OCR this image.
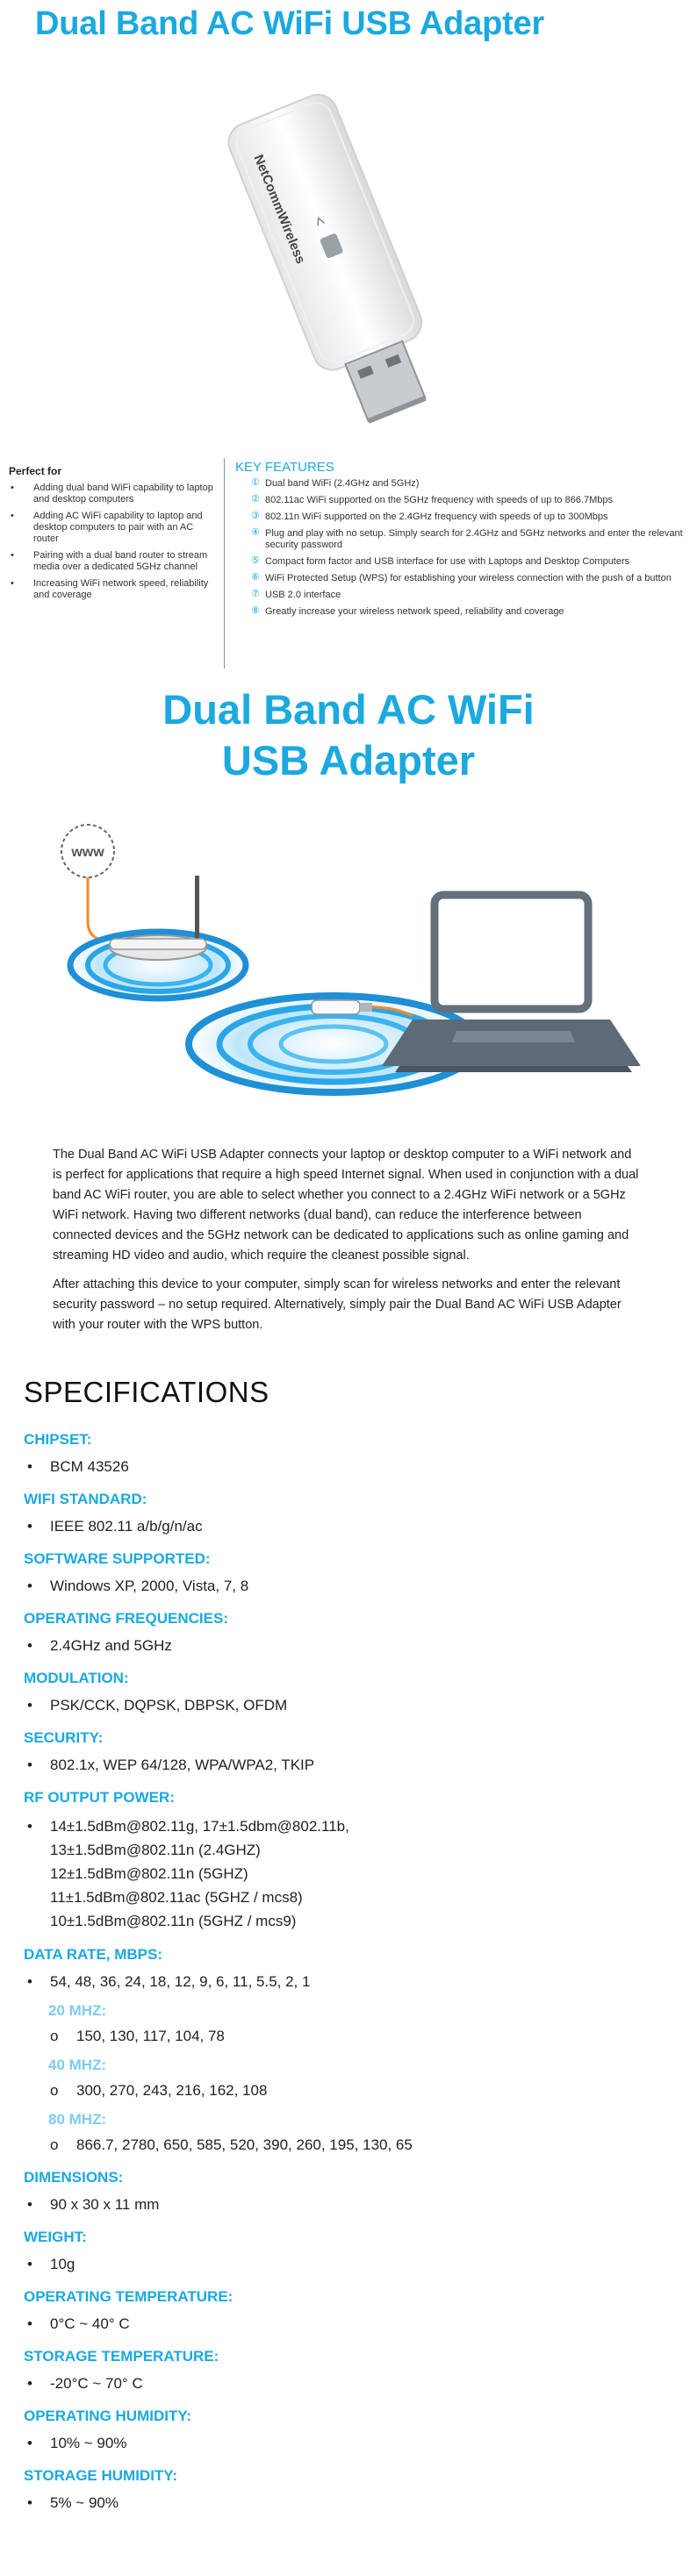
Dual Band AC WiFi USB Adapter
NetCommWireless
Perfect for
• Adding dual band WiFi capability to laptop and desktop computers
• Adding AC WiFi capability to laptop and desktop computers to pair with an AC router
• Pairing with a dual band router to stream media over a dedicated 5GHz channel
• Increasing WiFi network speed, reliability and coverage
KEY FEATURES
① Dual band WiFi (2.4GHz and 5GHz)
② 802.11ac WiFi supported on the 5GHz frequency with speeds of up to 866.7Mbps
③ 802.11n WiFi supported on the 2.4GHz frequency with speeds of up to 300Mbps
④ Plug and play with no setup. Simply search for 2.4GHz and 5GHz networks and enter the relevant security password
⑤ Compact form factor and USB interface for use with Laptops and Desktop Computers
⑥ WiFi Protected Setup (WPS) for establishing your wireless connection with the push of a button
⑦ USB 2.0 interface
⑧ Greatly increase your wireless network speed, reliability and coverage
Dual Band AC WiFi
USB Adapter
www

The Dual Band AC WiFi USB Adapter connects your laptop or desktop computer to a WiFi network and is perfect for applications that require a high speed Internet signal. When used in conjunction with a dual band AC WiFi router, you are able to select whether you connect to a 2.4GHz WiFi network or a 5GHz WiFi network. Having two different networks (dual band), can reduce the interference between connected devices and the 5GHz network can be dedicated to applications such as online gaming and streaming HD video and audio, which require the cleanest possible signal.

After attaching this device to your computer, simply scan for wireless networks and enter the relevant security password – no setup required. Alternatively, simply pair the Dual Band AC WiFi USB Adapter with your router with the WPS button.

SPECIFICATIONS
CHIPSET:
• BCM 43526
WIFI STANDARD:
• IEEE 802.11 a/b/g/n/ac
SOFTWARE SUPPORTED:
• Windows XP, 2000, Vista, 7, 8
OPERATING FREQUENCIES:
• 2.4GHz and 5GHz
MODULATION:
• PSK/CCK, DQPSK, DBPSK, OFDM
SECURITY:
• 802.1x, WEP 64/128, WPA/WPA2, TKIP
RF OUTPUT POWER:
• 14±1.5dBm@802.11g, 17±1.5dbm@802.11b,
13±1.5dBm@802.11n (2.4GHZ)
12±1.5dBm@802.11n (5GHZ)
11±1.5dBm@802.11ac (5GHZ / mcs8)
10±1.5dBm@802.11n (5GHZ / mcs9)
DATA RATE, MBPS:
• 54, 48, 36, 24, 18, 12, 9, 6, 11, 5.5, 2, 1
20 MHZ:
o 150, 130, 117, 104, 78
40 MHZ:
o 300, 270, 243, 216, 162, 108
80 MHZ:
o 866.7, 2780, 650, 585, 520, 390, 260, 195, 130, 65
DIMENSIONS:
• 90 x 30 x 11 mm
WEIGHT:
• 10g
OPERATING TEMPERATURE:
• 0°C ~ 40° C
STORAGE TEMPERATURE:
• -20°C ~ 70° C
OPERATING HUMIDITY:
• 10% ~ 90%
STORAGE HUMIDITY:
• 5% ~ 90%
